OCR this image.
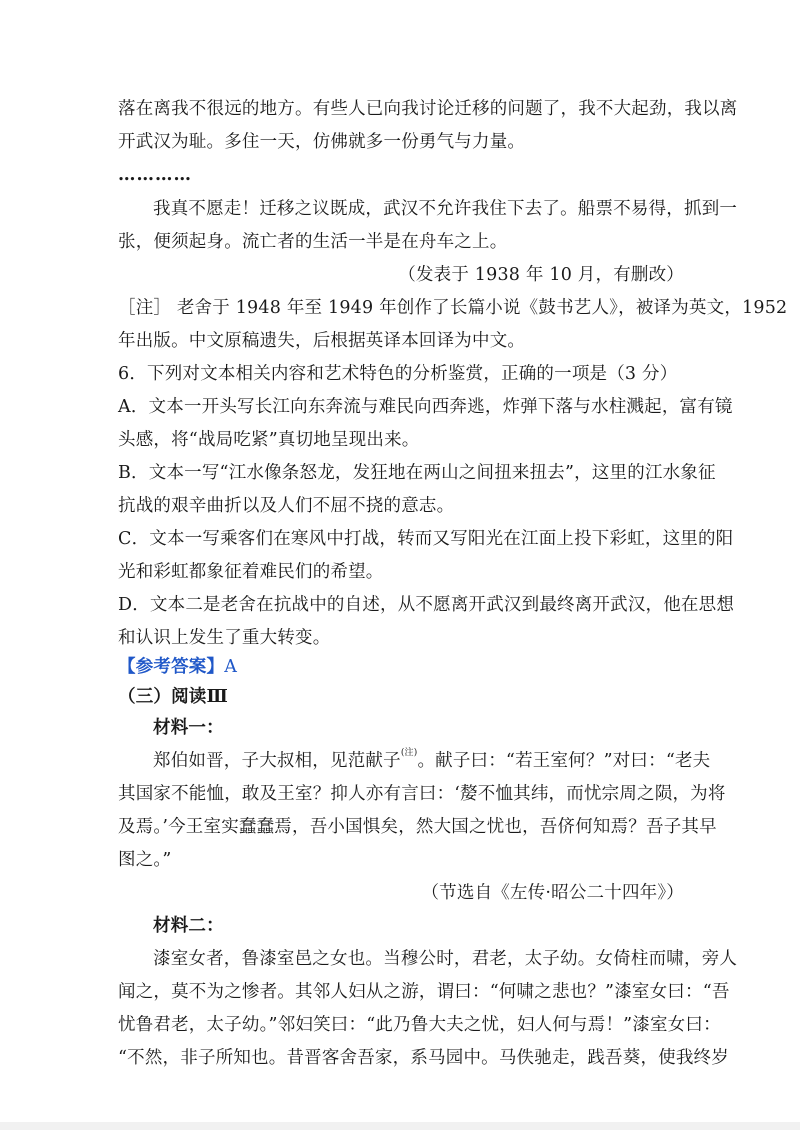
落在离我不很远的地方。有些人已向我讨论迁移的问题了，我不大起劲，我以离
开武汉为耻。多住一天，仿佛就多一份勇气与力量。
…………
我真不愿走！迁移之议既成，武汉不允许我住下去了。船票不易得，抓到一
张，便须起身。流亡者的生活一半是在舟车之上。
（发表于 1938 年 10 月，有删改）
［注］ 老舍于 1948 年至 1949 年创作了长篇小说《鼓书艺人》，被译为英文，1952
年出版。中文原稿遗失，后根据英译本回译为中文。
6．下列对文本相关内容和艺术特色的分析鉴赏，正确的一项是（3 分）
A．文本一开头写长江向东奔流与难民向西奔逃，炸弹下落与水柱溅起，富有镜
头感，将“战局吃紧”真切地呈现出来。
B．文本一写“江水像条怒龙，发狂地在两山之间扭来扭去”，这里的江水象征
抗战的艰辛曲折以及人们不屈不挠的意志。
C．文本一写乘客们在寒风中打战，转而又写阳光在江面上投下彩虹，这里的阳
光和彩虹都象征着难民们的希望。
D．文本二是老舍在抗战中的自述，从不愿离开武汉到最终离开武汉，他在思想
和认识上发生了重大转变。
【参考答案】A
（三）阅读Ⅲ
材料一：
郑伯如晋，子大叔相，见范献子$^{(注)}$。献子曰：“若王室何？”对曰：“老夫
其国家不能恤，敢及王室？抑人亦有言曰：‘嫠不恤其纬，而忧宗周之陨，为将
及焉。’今王室实蠢蠢焉，吾小国惧矣，然大国之忧也，吾侪何知焉？吾子其早
图之。”
（节选自《左传·昭公二十四年》）
材料二：
漆室女者，鲁漆室邑之女也。当穆公时，君老，太子幼。女倚柱而啸，旁人
闻之，莫不为之惨者。其邻人妇从之游，谓曰：“何啸之悲也？”漆室女曰：“吾
忧鲁君老，太子幼。”邻妇笑曰：“此乃鲁大夫之忧，妇人何与焉！”漆室女曰：
“不然，非子所知也。昔晋客舍吾家，系马园中。马佚驰走，践吾葵，使我终岁
